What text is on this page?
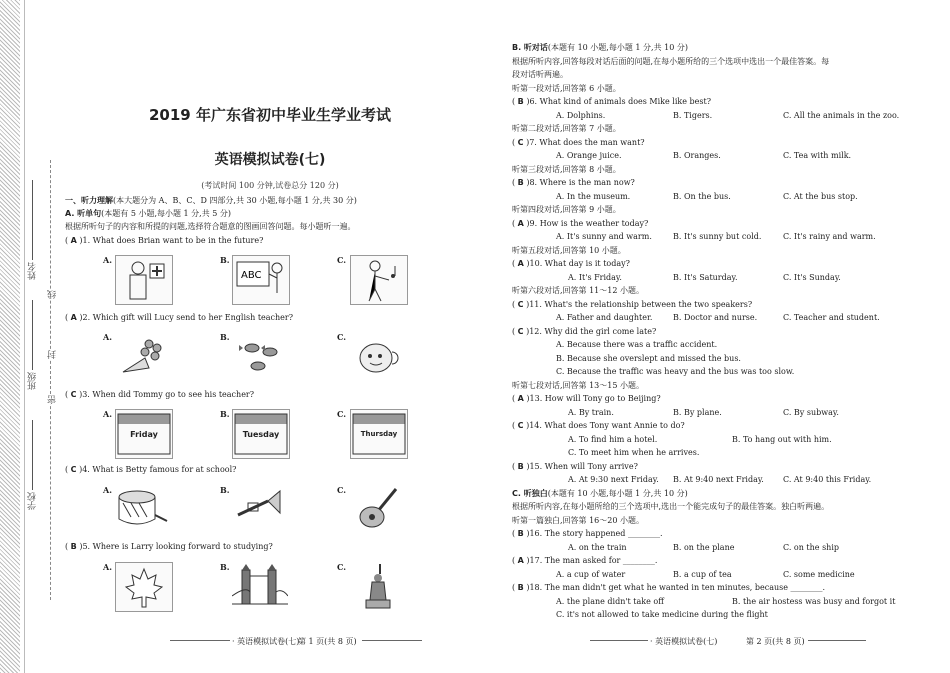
姓名
班级
学校
线
封
密
2019 年广东省初中毕业生学业考试
英语模拟试卷(七)
(考试时间 100 分钟,试卷总分 120 分)
一、听力理解(本大题分为 A、B、C、D 四部分,共 30 小题,每小题 1 分,共 30 分)
A. 听单句(本题有 5 小题,每小题 1 分,共 5 分)
根据所听句子的内容和所提的问题,选择符合题意的图画回答问题。每小题听一遍。
( A )1. What does Brian want to be in the future?
A.	B.
ABC
C.
( A )2. Which gift will Lucy send to her English teacher?
A.	B.	C.
( C )3. When did Tommy go to see his teacher?
A.
Friday
B.
Tuesday
C.
Thursday
( C )4. What is Betty famous for at school?
A.	B.	C.
( B )5. Where is Larry looking forward to studying?
A.	B.	C.
· 英语模拟试卷(七)
第 1 页(共 8 页)
B. 听对话(本题有 10 小题,每小题 1 分,共 10 分)
根据所听内容,回答每段对话后面的问题,在每小题所给的三个选项中选出一个最佳答案。每
段对话听两遍。
听第一段对话,回答第 6 小题。
( B )6. What kind of animals does Mike like best?
A. Dolphins.	B. Tigers.	C. All the animals in the zoo.
听第二段对话,回答第 7 小题。
( C )7. What does the man want?
A. Orange juice.	B. Oranges.	C. Tea with milk.
听第三段对话,回答第 8 小题。
( B )8. Where is the man now?
A. In the museum.	B. On the bus.	C. At the bus stop.
听第四段对话,回答第 9 小题。
( A )9. How is the weather today?
A. It's sunny and warm.	B. It's sunny but cold.	C. It's rainy and warm.
听第五段对话,回答第 10 小题。
( A )10. What day is it today?
A. It's Friday.	B. It's Saturday.	C. It's Sunday.
听第六段对话,回答第 11～12 小题。
( C )11. What's the relationship between the two speakers?
A. Father and daughter.	B. Doctor and nurse.	C. Teacher and student.
( C )12. Why did the girl come late?
A. Because there was a traffic accident.
B. Because she overslept and missed the bus.
C. Because the traffic was heavy and the bus was too slow.
听第七段对话,回答第 13～15 小题。
( A )13. How will Tony go to Beijing?
A. By train.	B. By plane.	C. By subway.
( C )14. What does Tony want Annie to do?
A. To find him a hotel.	B. To hang out with him.
C. To meet him when he arrives.
( B )15. When will Tony arrive?
A. At 9:30 next Friday. B. At 9:40 next Friday. C. At 9:40 this Friday.
C. 听独白(本题有 10 小题,每小题 1 分,共 10 分)
根据所听内容,在每小题所给的三个选项中,选出一个能完成句子的最佳答案。独白听两遍。
听第一篇独白,回答第 16～20 小题。
( B )16. The story happened ________.
A. on the train	B. on the plane	C. on the ship
( A )17. The man asked for ________.
A. a cup of water	B. a cup of tea	C. some medicine
( B )18. The man didn't get what he wanted in ten minutes, because ________.
A. the plane didn't take off	B. the air hostess was busy and forgot it
C. it's not allowed to take medicine during the flight
· 英语模拟试卷(七)	第 2 页(共 8 页)
